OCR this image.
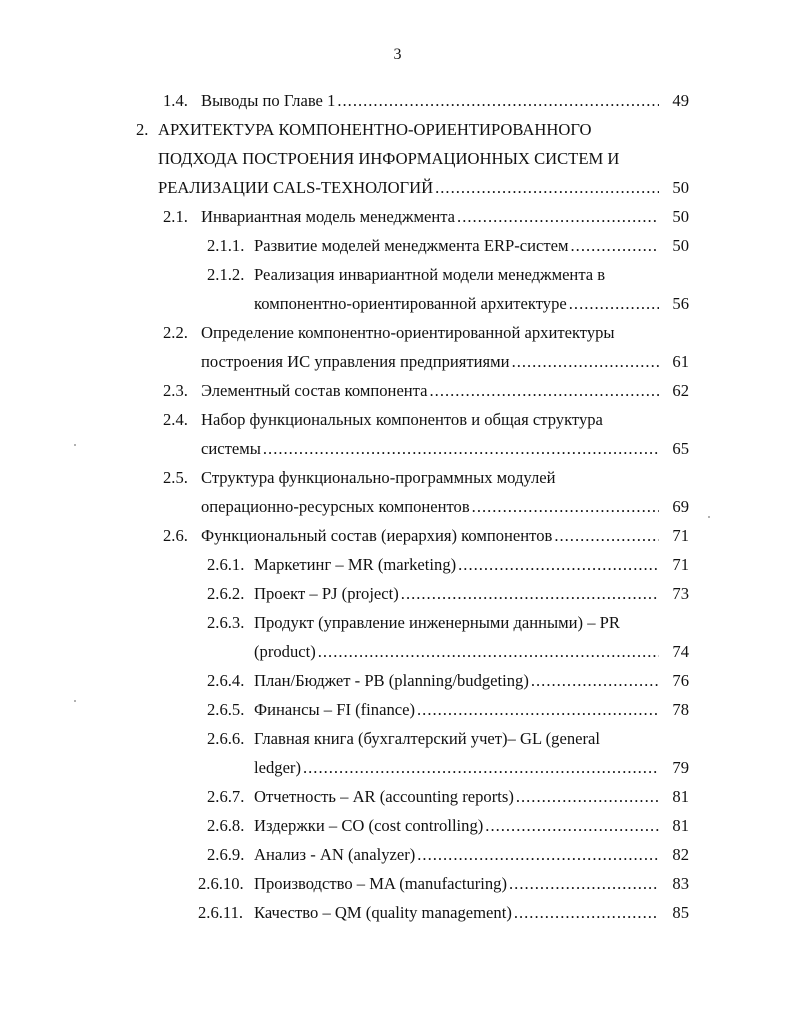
3
1.4. Выводы по Главе 1 .....	49
2. АРХИТЕКТУРА КОМПОНЕНТНО-ОРИЕНТИРОВАННОГО
ПОДХОДА ПОСТРОЕНИЯ ИНФОРМАЦИОННЫХ СИСТЕМ И
РЕАЛИЗАЦИИ CALS-ТЕХНОЛОГИЙ .....	50
2.1. Инвариантная модель менеджмента .....	50
2.1.1. Развитие моделей менеджмента ERP-систем .....	50
2.1.2. Реализация инвариантной модели менеджмента в
компонентно-ориентированной архитектуре .....	56
2.2. Определение компонентно-ориентированной архитектуры
построения ИС управления предприятиями .....	61
2.3. Элементный состав компонента .....	62
2.4. Набор функциональных компонентов и общая структура
системы .....	65
2.5. Структура функционально-программных модулей
операционно-ресурсных компонентов .....	69
2.6. Функциональный состав (иерархия) компонентов .....	71
2.6.1. Маркетинг – MR (marketing) .....	71
2.6.2. Проект – PJ (project) .....	73
2.6.3. Продукт (управление инженерными данными) – PR
(product) .....	74
2.6.4. План/Бюджет - PB (planning/budgeting) .....	76
2.6.5. Финансы – FI (finance) .....	78
2.6.6. Главная книга (бухгалтерский учет)– GL (general
ledger) .....	79
2.6.7. Отчетность – AR (accounting reports) .....	81
2.6.8. Издержки – CO (cost controlling) .....	81
2.6.9. Анализ - AN (analyzer) .....	82
2.6.10. Производство – MA (manufacturing) .....	83
2.6.11. Качество – QM (quality management) .....	85
